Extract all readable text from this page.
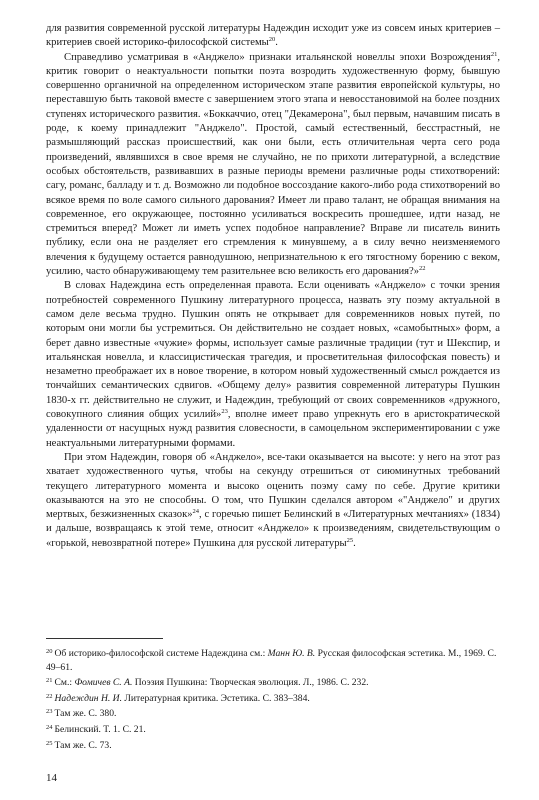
для развития современной русской литературы Надеждин исходит уже из совсем иных критериев – критериев своей историко-философской системы$^{20}$.

Справедливо усматривая в «Анджело» признаки итальянской новеллы эпохи Возрождения$^{21}$, критик говорит о неактуальности попытки поэта возродить художественную форму, бывшую совершенно органичной на определенном историческом этапе развития европейской культуры, но переставшую быть таковой вместе с завершением этого этапа и невосстановимой на более поздних ступенях исторического развития. «Боккаччио, отец "Декамерона", был первым, начавшим писать в роде, к коему принадлежит "Анджело". Простой, самый естественный, бесстрастный, не размышляющий рассказ происшествий, как они были, есть отличительная черта сего рода произведений, являвшихся в свое время не случайно, не по прихоти литературной, а вследствие особых обстоятельств, развивавших в разные периоды времени различные роды стихотворений: сагу, романс, балладу и т. д. Возможно ли подобное воссоздание какого-либо рода стихотворений во всякое время по воле самого сильного дарования? Имеет ли право талант, не обращая внимания на современное, его окружающее, постоянно усиливаться воскресить прошедшее, идти назад, не стремиться вперед? Может ли иметь успех подобное направление? Вправе ли писатель винить публику, если она не разделяет его стремления к минувшему, а в силу вечно неизменяемого влечения к будущему остается равнодушною, непризнательною к его тягостному борению с веком, усилию, часто обнаруживающему тем разительнее всю великость его дарования?»$^{22}$

В словах Надеждина есть определенная правота. Если оценивать «Анджело» с точки зрения потребностей современного Пушкину литературного процесса, назвать эту поэму актуальной в самом деле весьма трудно. Пушкин опять не открывает для современников новых путей, по которым они могли бы устремиться. Он действительно не создает новых, «самобытных» форм, а берет давно известные «чужие» формы, использует самые различные традиции (тут и Шекспир, и итальянская новелла, и классицистическая трагедия, и просветительная философская повесть) и незаметно преображает их в новое творение, в котором новый художественный смысл рождается из тончайших семантических сдвигов. «Общему делу» развития современной литературы Пушкин 1830-х гг. действительно не служит, и Надеждин, требующий от своих современников «дружного, совокупного слияния общих усилий»$^{23}$, вполне имеет право упрекнуть его в аристократической удаленности от насущных нужд развития словесности, в самоцельном экспериментировании с уже неактуальными литературными формами.

При этом Надеждин, говоря об «Анджело», все-таки оказывается на высоте: у него на этот раз хватает художественного чутья, чтобы на секунду отрешиться от сиюминутных требований текущего литературного момента и высоко оценить поэму саму по себе. Другие критики оказываются на это не способны. О том, что Пушкин сделался автором «"Анджело" и других мертвых, безжизненных сказок»$^{24}$, с горечью пишет Белинский в «Литературных мечтаниях» (1834) и дальше, возвращаясь к этой теме, относит «Анджело» к произведениям, свидетельствующим о «горькой, невозвратной потере» Пушкина для русской литературы$^{25}$.

$^{20}$ Об историко-философской системе Надеждина см.: Манн Ю. В. Русская философская эстетика. М., 1969. С. 49–61.

$^{21}$ См.: Фомичев С. А. Поэзия Пушкина: Творческая эволюция. Л., 1986. С. 232.

$^{22}$ Надеждин Н. И. Литературная критика. Эстетика. С. 383–384.

$^{23}$ Там же. С. 380.

$^{24}$ Белинский. Т. 1. С. 21.

$^{25}$ Там же. С. 73.

14
